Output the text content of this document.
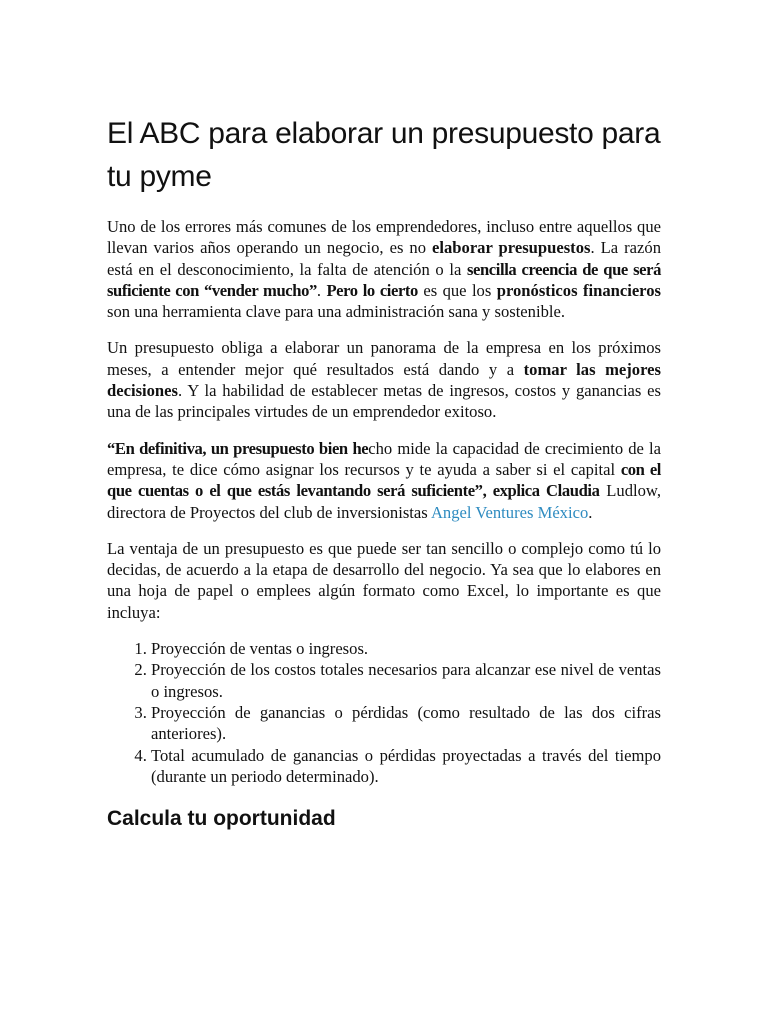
El ABC para elaborar un presupuesto para tu pyme

Uno de los errores más comunes de los emprendedores, incluso entre aquellos que llevan varios años operando un negocio, es no elaborar presupuestos. La razón está en el desconocimiento, la falta de atención o la sencilla creencia de que será suficiente con “vender mucho”. Pero lo cierto es que los pronósticos financieros son una herramienta clave para una administración sana y sostenible.

Un presupuesto obliga a elaborar un panorama de la empresa en los próximos meses, a entender mejor qué resultados está dando y a tomar las mejores decisiones. Y la habilidad de establecer metas de ingresos, costos y ganancias es una de las principales virtudes de un emprendedor exitoso.

“En definitiva, un presupuesto bien hecho mide la capacidad de crecimiento de la empresa, te dice cómo asignar los recursos y te ayuda a saber si el capital con el que cuentas o el que estás levantando será suficiente”, explica Claudia Ludlow, directora de Proyectos del club de inversionistas Angel Ventures México.

La ventaja de un presupuesto es que puede ser tan sencillo o complejo como tú lo decidas, de acuerdo a la etapa de desarrollo del negocio. Ya sea que lo elabores en una hoja de papel o emplees algún formato como Excel, lo importante es que incluya:

1. Proyección de ventas o ingresos.
2. Proyección de los costos totales necesarios para alcanzar ese nivel de ventas o ingresos.
3. Proyección de ganancias o pérdidas (como resultado de las dos cifras anteriores).
4. Total acumulado de ganancias o pérdidas proyectadas a través del tiempo (durante un periodo determinado).
Calcula tu oportunidad
